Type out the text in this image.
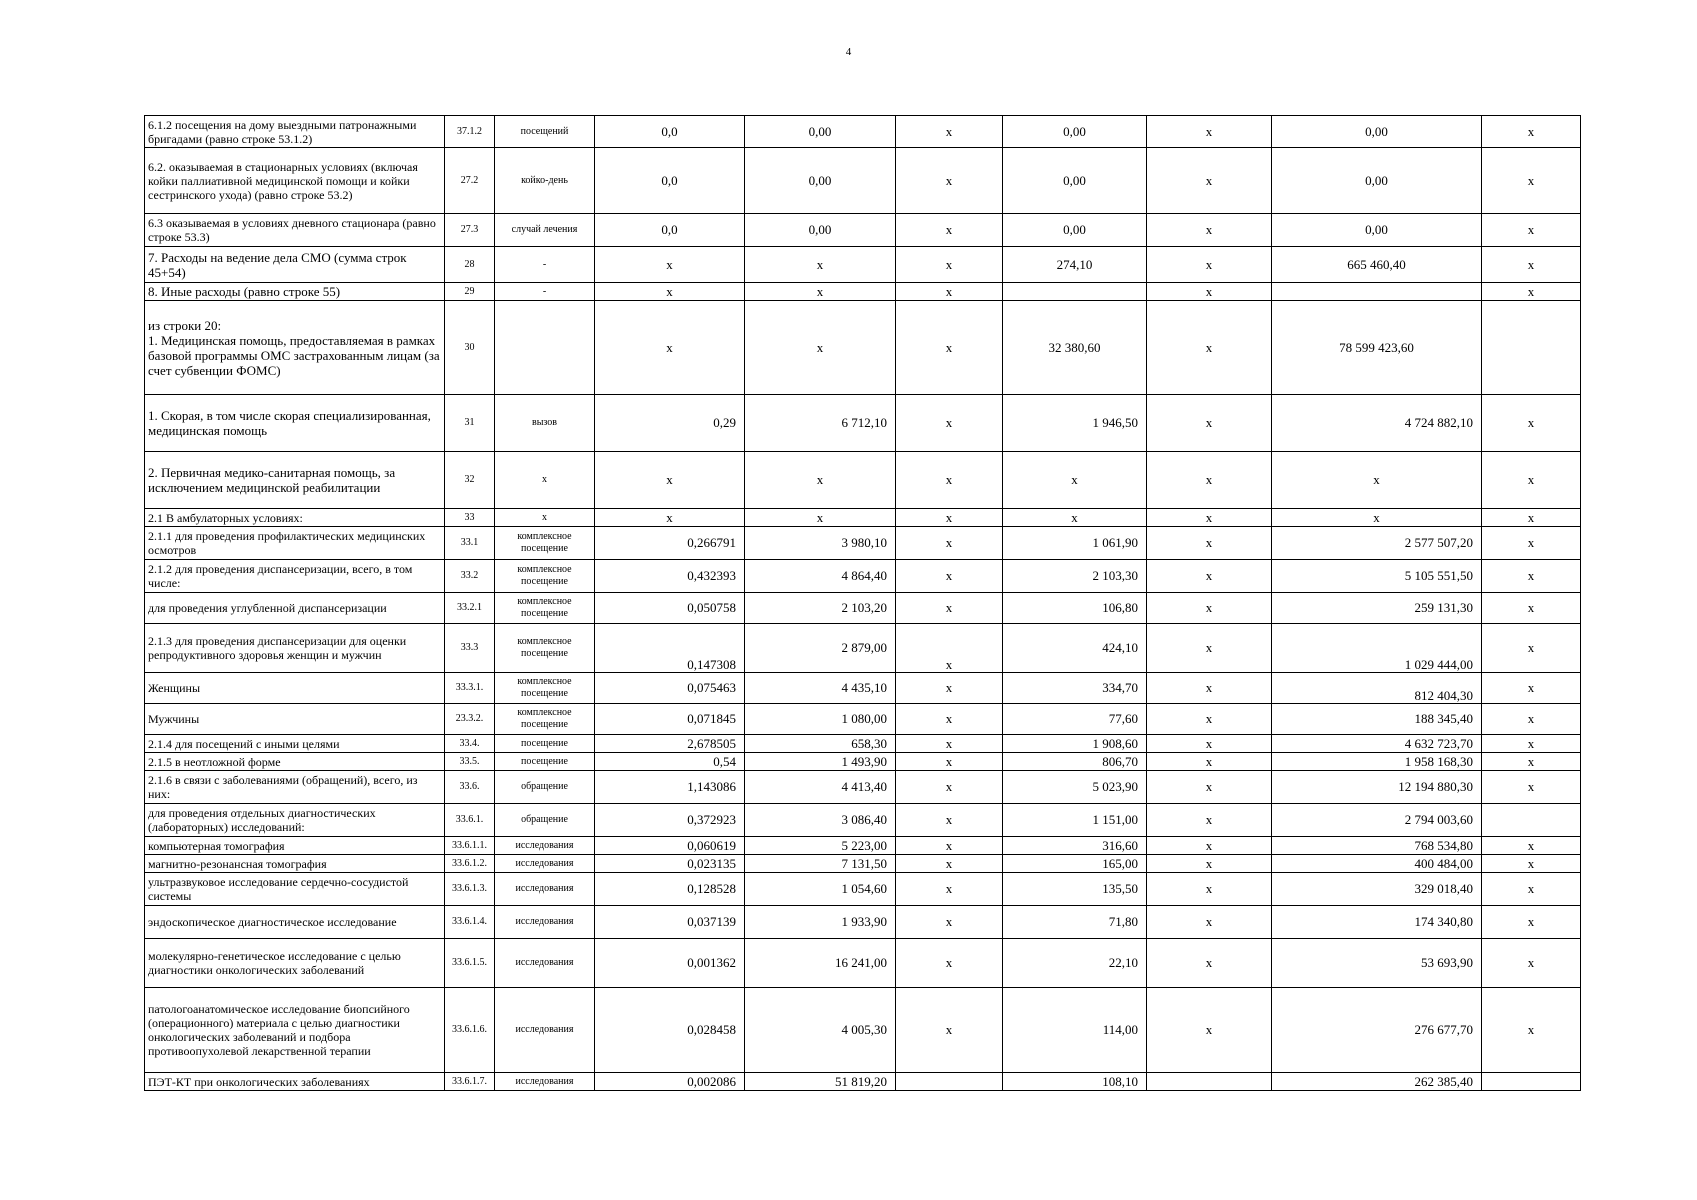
4
6.1.2 посещения на дому выездными патронажными бригадами (равно строке 53.1.2)	37.1.2	посещений	0,0	0,00	x	0,00	x	0,00	x
6.2. оказываемая в стационарных условиях (включая койки паллиативной медицинской помощи и койки сестринского ухода) (равно строке 53.2)	27.2	койко-день	0,0	0,00	x	0,00	x	0,00	x
6.3 оказываемая в условиях дневного стационара (равно строке 53.3)	27.3	случай лечения	0,0	0,00	x	0,00	x	0,00	x
7. Расходы на ведение дела СМО (сумма строк 45+54)	28	-	x	x	x	274,10	x	665 460,40	x
8. Иные расходы (равно строке 55)	29	-	x	x	x		x		x
из строки 20:
1. Медицинская помощь, предоставляемая в рамках базовой программы ОМС застрахованным лицам (за счет субвенции ФОМС)	30		x	x	x	32 380,60	x	78 599 423,60	
1. Скорая, в том числе скорая специализированная, медицинская помощь	31	вызов	0,29	6 712,10	x	1 946,50	x	4 724 882,10	x
2. Первичная медико-санитарная помощь, за исключением медицинской реабилитации	32	x	x	x	x	x	x	x	x
2.1 В амбулаторных условиях:	33	x	x	x	x	x	x	x	x
2.1.1 для проведения профилактических медицинских осмотров	33.1	комплексное посещение	0,266791	3 980,10	x	1 061,90	x	2 577 507,20	x
2.1.2 для проведения диспансеризации, всего, в том числе:	33.2	комплексное посещение	0,432393	4 864,40	x	2 103,30	x	5 105 551,50	x
для проведения углубленной диспансеризации	33.2.1	комплексное посещение	0,050758	2 103,20	x	106,80	x	259 131,30	x
2.1.3 для проведения диспансеризации для оценки репродуктивного здоровья женщин и мужчин	33.3	комплексное посещение	0,147308	2 879,00	x	424,10	x	1 029 444,00	x
Женщины	33.3.1.	комплексное посещение	0,075463	4 435,10	x	334,70	x	812 404,30	x
Мужчины	23.3.2.	комплексное посещение	0,071845	1 080,00	x	77,60	x	188 345,40	x
2.1.4 для посещений с иными целями	33.4.	посещение	2,678505	658,30	x	1 908,60	x	4 632 723,70	x
2.1.5 в неотложной форме	33.5.	посещение	0,54	1 493,90	x	806,70	x	1 958 168,30	x
2.1.6 в связи с заболеваниями (обращений), всего, из них:	33.6.	обращение	1,143086	4 413,40	x	5 023,90	x	12 194 880,30	x
для проведения отдельных диагностических (лабораторных) исследований:	33.6.1.	обращение	0,372923	3 086,40	x	1 151,00	x	2 794 003,60	
компьютерная томография	33.6.1.1.	исследования	0,060619	5 223,00	x	316,60	x	768 534,80	x
магнитно-резонансная томография	33.6.1.2.	исследования	0,023135	7 131,50	x	165,00	x	400 484,00	x
ультразвуковое исследование сердечно-сосудистой системы	33.6.1.3.	исследования	0,128528	1 054,60	x	135,50	x	329 018,40	x
эндоскопическое диагностическое исследование	33.6.1.4.	исследования	0,037139	1 933,90	x	71,80	x	174 340,80	x
молекулярно-генетическое исследование с целью диагностики онкологических заболеваний	33.6.1.5.	исследования	0,001362	16 241,00	x	22,10	x	53 693,90	x
патологоанатомическое исследование биопсийного (операционного) материала с целью диагностики онкологических заболеваний и подбора противоопухолевой лекарственной терапии	33.6.1.6.	исследования	0,028458	4 005,30	x	114,00	x	276 677,70	x
ПЭТ-КТ при онкологических заболеваниях	33.6.1.7.	исследования	0,002086	51 819,20		108,10		262 385,40	
